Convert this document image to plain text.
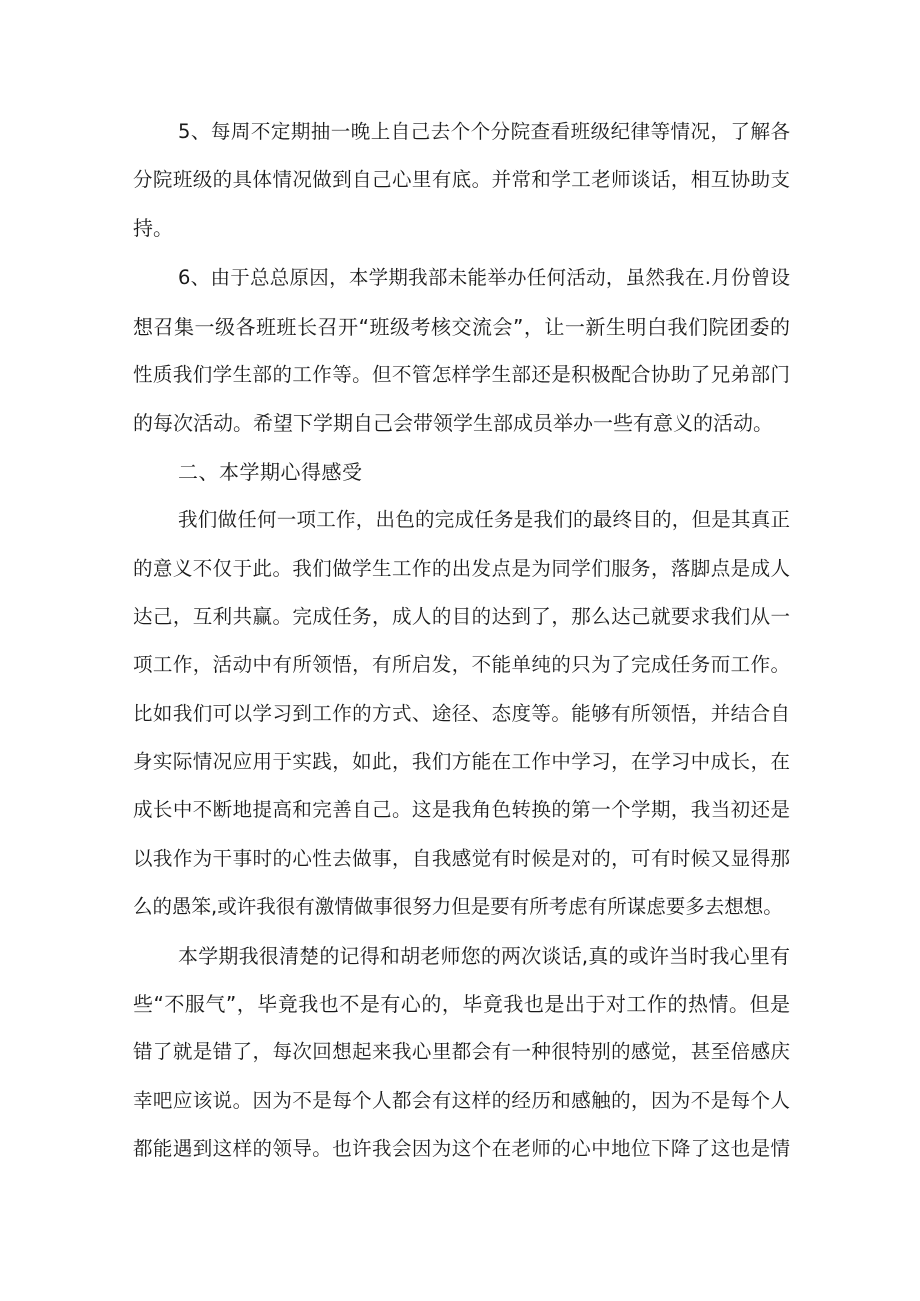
5、每周不定期抽一晚上自己去个个分院查看班级纪律等情况，了解各
分院班级的具体情况做到自己心里有底。并常和学工老师谈话，相互协助支
持。
6、由于总总原因，本学期我部未能举办任何活动，虽然我在.月份曾设
想召集一级各班班长召开“班级考核交流会”，让一新生明白我们院团委的
性质我们学生部的工作等。但不管怎样学生部还是积极配合协助了兄弟部门
的每次活动。希望下学期自己会带领学生部成员举办一些有意义的活动。
二、本学期心得感受
我们做任何一项工作，出色的完成任务是我们的最终目的，但是其真正
的意义不仅于此。我们做学生工作的出发点是为同学们服务，落脚点是成人
达己，互利共赢。完成任务，成人的目的达到了，那么达己就要求我们从一
项工作，活动中有所领悟，有所启发，不能单纯的只为了完成任务而工作。
比如我们可以学习到工作的方式、途径、态度等。能够有所领悟，并结合自
身实际情况应用于实践，如此，我们方能在工作中学习，在学习中成长，在
成长中不断地提高和完善自己。这是我角色转换的第一个学期，我当初还是
以我作为干事时的心性去做事，自我感觉有时候是对的，可有时候又显得那
么的愚笨,或许我很有激情做事很努力但是要有所考虑有所谋虑要多去想想。
本学期我很清楚的记得和胡老师您的两次谈话,真的或许当时我心里有
些“不服气”，毕竟我也不是有心的，毕竟我也是出于对工作的热情。但是
错了就是错了，每次回想起来我心里都会有一种很特别的感觉，甚至倍感庆
幸吧应该说。因为不是每个人都会有这样的经历和感触的，因为不是每个人
都能遇到这样的领导。也许我会因为这个在老师的心中地位下降了这也是情
